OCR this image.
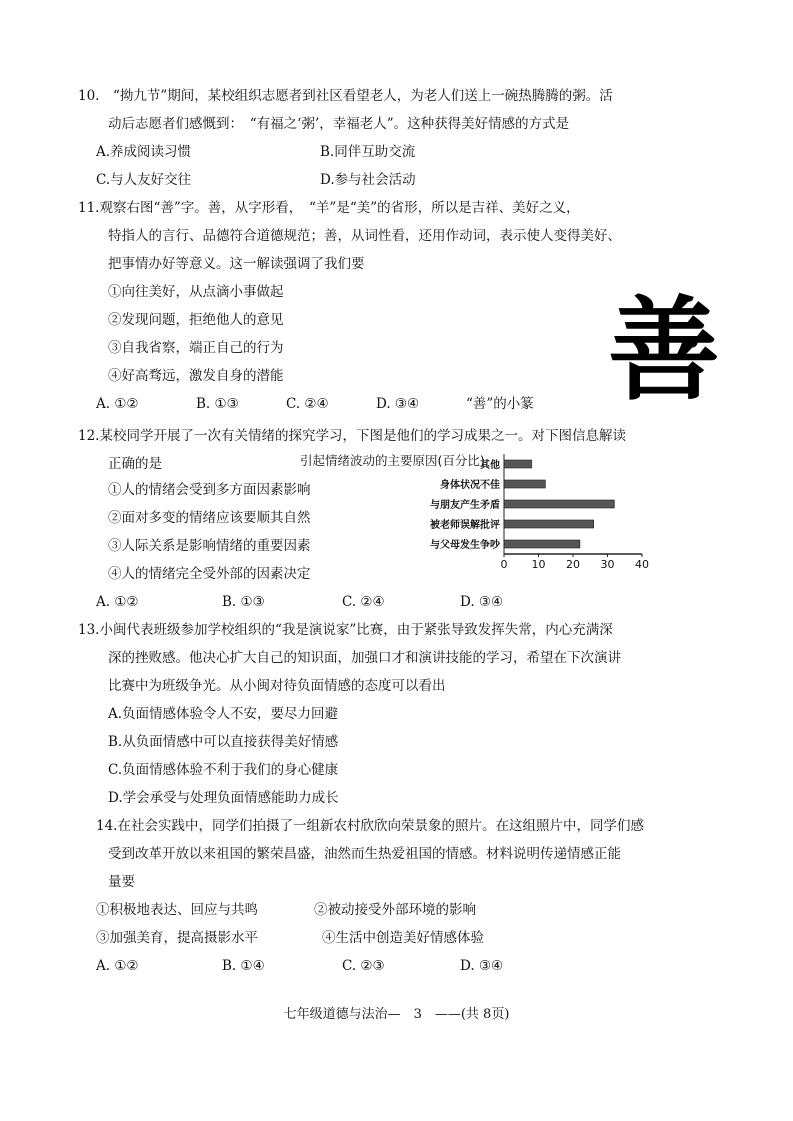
10.　“拗九节”期间，某校组织志愿者到社区看望老人，为老人们送上一碗热腾腾的粥。活
动后志愿者们感慨到：　“有福之‘粥’，幸福老人”。这种获得美好情感的方式是
A.养成阅读习惯	B.同伴互助交流
C.与人友好交往	D.参与社会活动
11.观察右图“善”字。善，从字形看，　“羊”是“美”的省形，所以是吉祥、美好之义，
特指人的言行、品德符合道德规范；善，从词性看，还用作动词，表示使人变得美好、
把事情办好等意义。这一解读强调了我们要
①向往美好，从点滴小事做起
②发现问题，拒绝他人的意见
③自我省察，端正自己的行为
④好高骛远，激发自身的潜能
A. ①②	B. ①③	C. ②④	D. ③④	“善”的小篆 善
12.某校同学开展了一次有关情绪的探究学习，下图是他们的学习成果之一。对下图信息解读
正确的是
①人的情绪会受到多方面因素影响
②面对多变的情绪应该要顺其自然
③人际关系是影响情绪的重要因素
④人的情绪完全受外部的因素决定
A. ①②	B. ①③	C. ②④	D. ③④
引起情绪波动的主要原因(百分比)
其他
身体状况不佳
与朋友产生矛盾
被老师误解批评
与父母发生争吵
0 10 20 30 40
13.小闽代表班级参加学校组织的“我是演说家”比赛，由于紧张导致发挥失常，内心充满深
深的挫败感。他决心扩大自己的知识面，加强口才和演讲技能的学习，希望在下次演讲
比赛中为班级争光。从小闽对待负面情感的态度可以看出
A.负面情感体验令人不安，要尽力回避
B.从负面情感中可以直接获得美好情感
C.负面情感体验不利于我们的身心健康
D.学会承受与处理负面情感能助力成长
14.在社会实践中，同学们拍摄了一组新农村欣欣向荣景象的照片。在这组照片中，同学们感
受到改革开放以来祖国的繁荣昌盛，油然而生热爱祖国的情感。材料说明传递情感正能
量要
①积极地表达、回应与共鸣	②被动接受外部环境的影响
③加强美育，提高摄影水平	④生活中创造美好情感体验
A. ①②	B. ①④	C. ②③	D. ③④
七年级道德与法治—　3　——(共 8页)
